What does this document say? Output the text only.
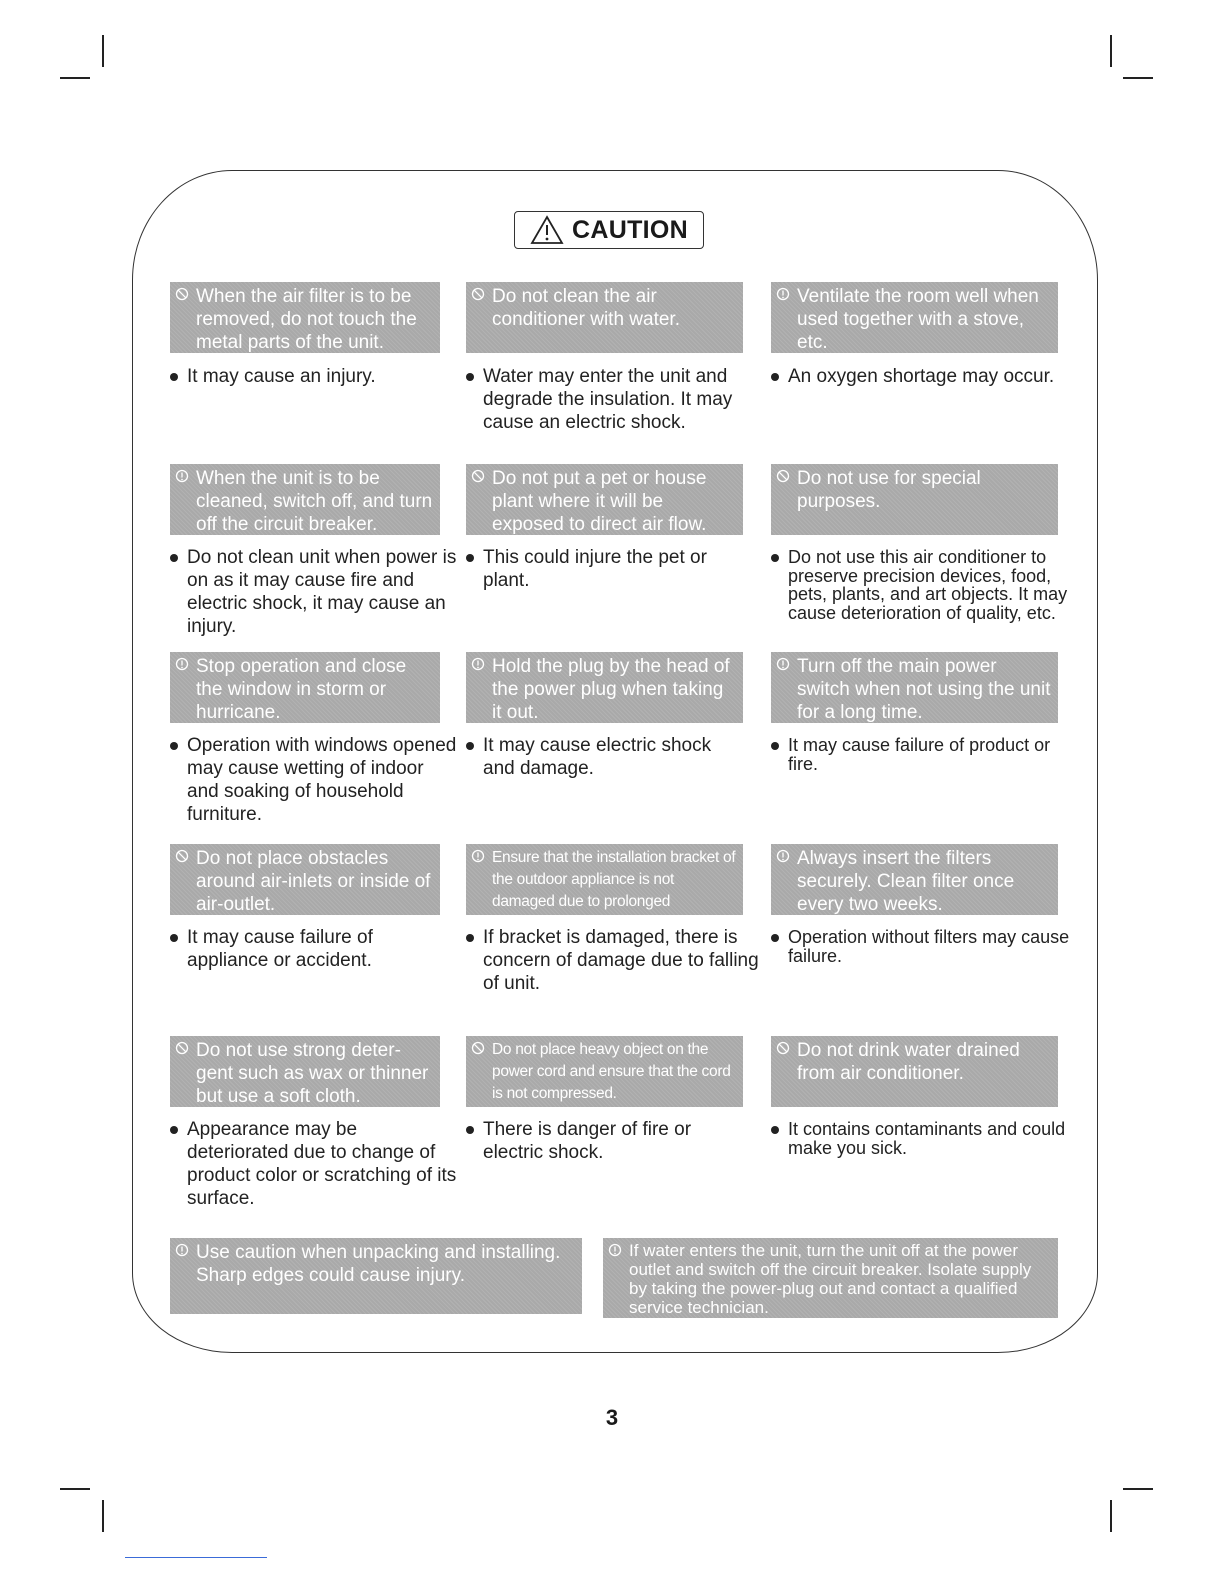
CAUTION
When the air filter is to be removed, do not touch the metal parts of the unit.
It may cause an injury.
Do not clean the air conditioner with water.
Water may enter the unit and degrade the insulation. It may cause an electric shock.
Ventilate the room well when used together with a stove, etc.
An oxygen shortage may occur.
When the unit is to be cleaned, switch off, and turn off the circuit breaker.
Do not clean unit when power is on as it may cause fire and electric shock, it may cause an injury.
Do not put a pet or house plant where it will be exposed to direct air flow.
This could injure the pet or plant.
Do not use for special purposes.
Do not use this air conditioner to preserve precision devices, food, pets, plants, and art objects. It may cause deterioration of quality, etc.
Stop operation and close the window in storm or hurricane.
Operation with windows opened may cause wetting of indoor and soaking of household furniture.
Hold the plug by the head of the power plug when taking it out.
It may cause electric shock and damage.
Turn off the main power switch when not using the unit for a long time.
It may cause failure of product or fire.
Do not place obstacles around air-inlets or inside of air-outlet.
It may cause failure of appliance or accident.
Ensure that the installation bracket of the outdoor appliance is not damaged due to prolonged exposure.
If bracket is damaged, there is concern of damage due to falling of unit.
Always insert the filters securely. Clean filter once every two weeks.
Operation without filters may cause failure.
Do not use strong deter-gent such as wax or thinner but use a soft cloth.
Appearance may be deteriorated due to change of product color or scratching of its surface.
Do not place heavy object on the power cord and ensure that the cord is not compressed.
There is danger of fire or electric shock.
Do not drink water drained from air conditioner.
It contains contaminants and could make you sick.
Use caution when unpacking and installing. Sharp edges could cause injury.
If water enters the unit, turn the unit off at the power outlet and switch off the circuit breaker. Isolate supply by taking the power-plug out and contact a qualified service technician.
3
